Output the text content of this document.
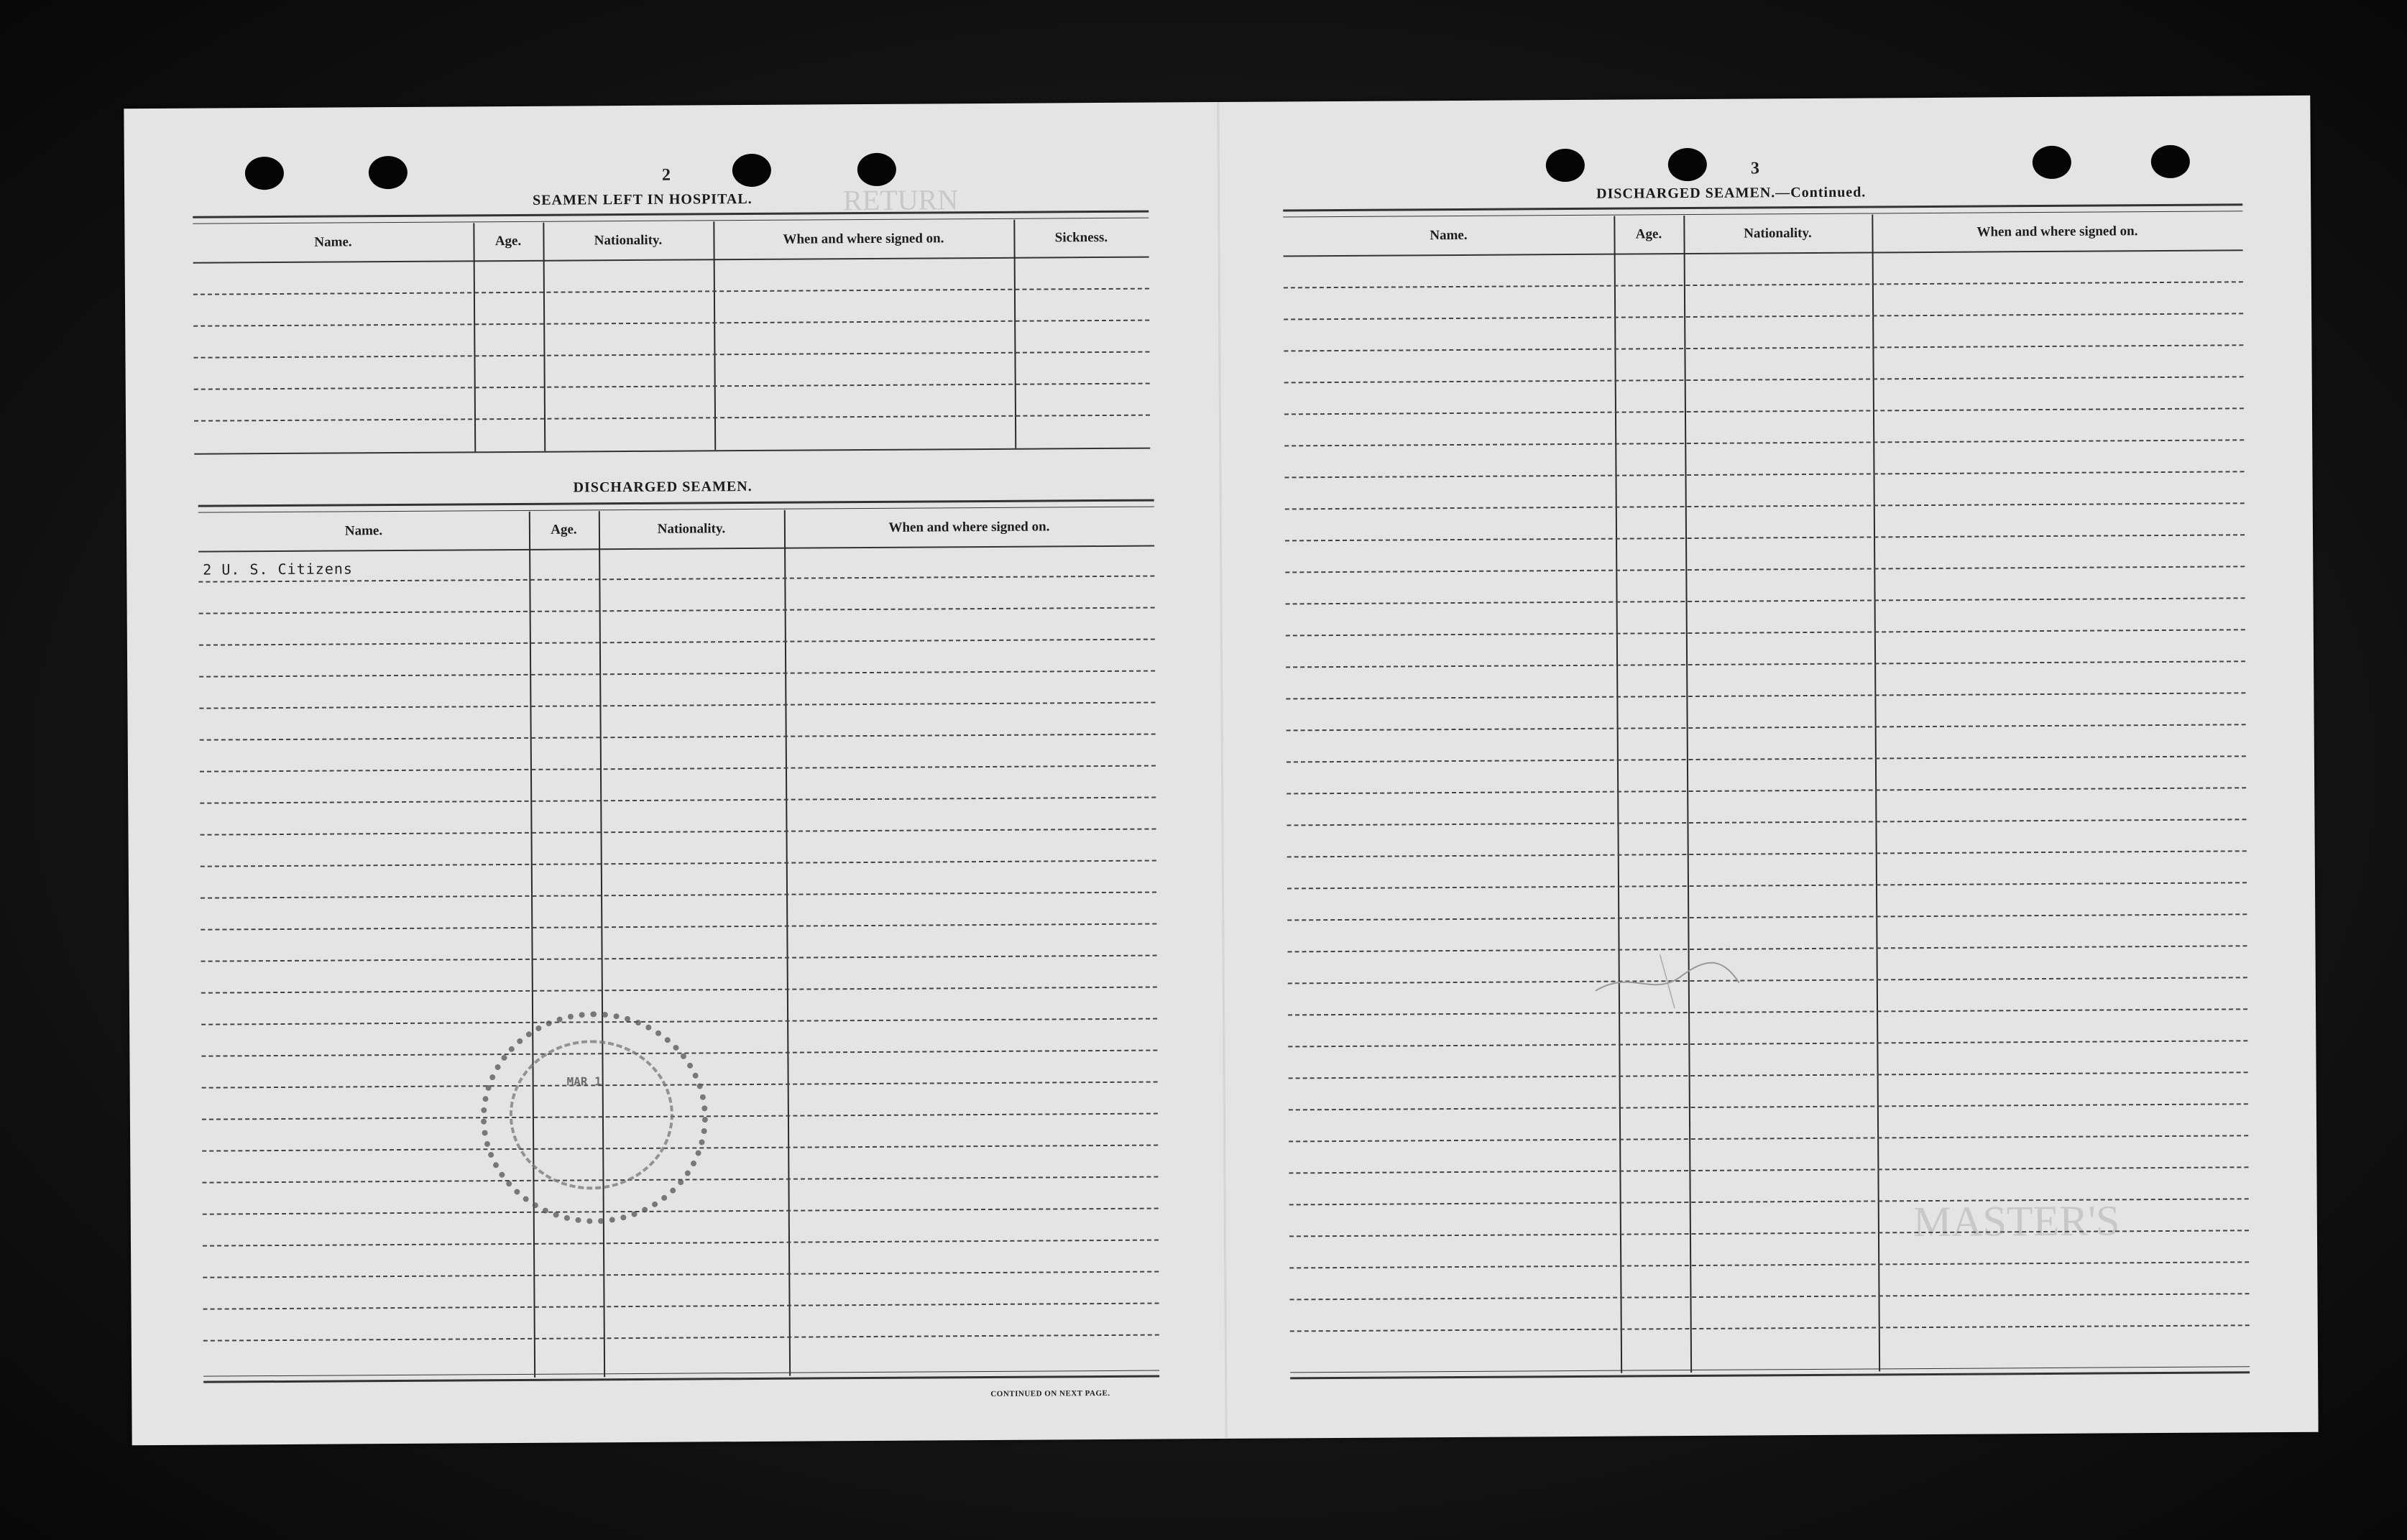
RETURN
MASTER'S
2
SEAMEN LEFT IN HOSPITAL.
Name.	Age.	Nationality.	When and where signed on.	Sickness.
DISCHARGED SEAMEN.
Name.	Age.	Nationality.	When and where signed on.
2 U. S. Citizens
CONTINUED ON NEXT PAGE.
MAR 1
3
DISCHARGED SEAMEN.—Continued.
Name.	Age.	Nationality.	When and where signed on.
